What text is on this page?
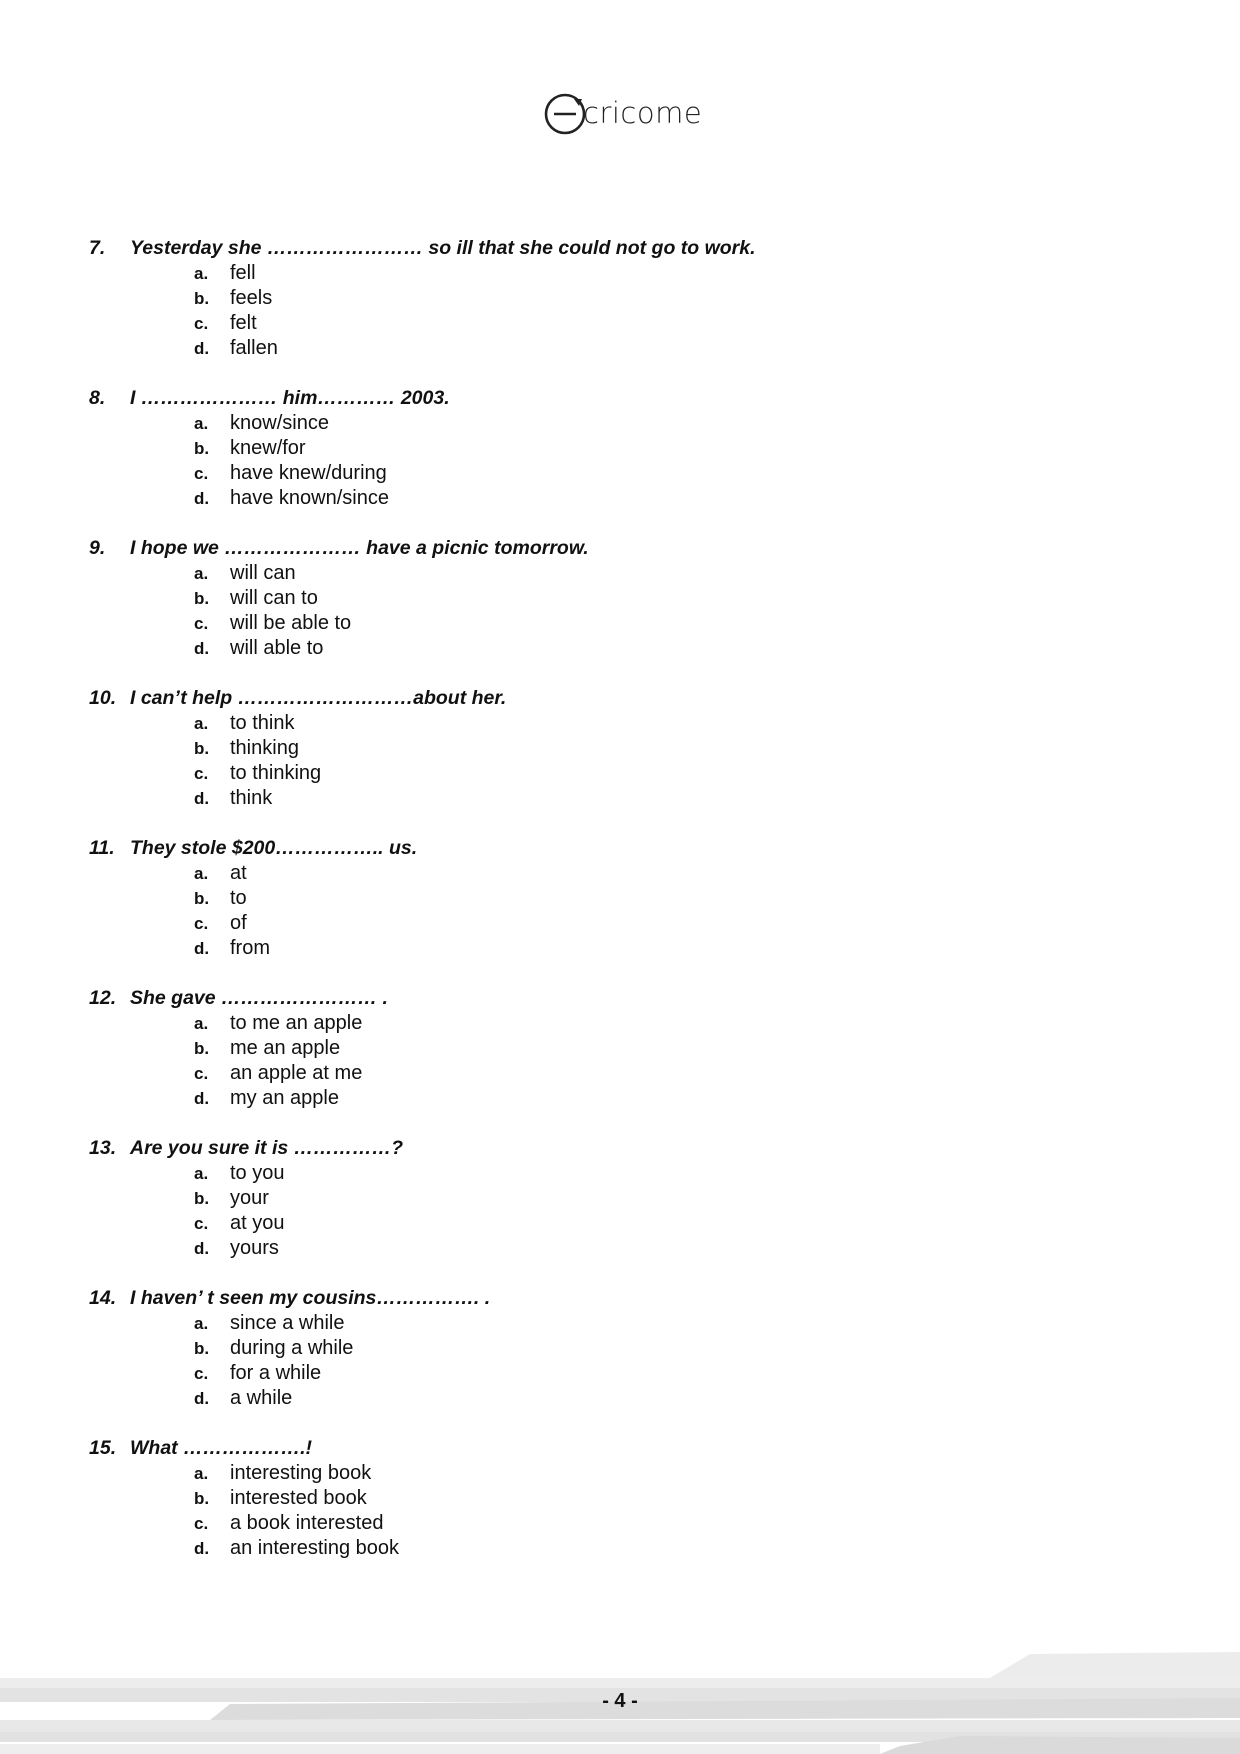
cricome
7. Yesterday she …………………… so ill that she could not go to work.
a. fell
b. feels
c. felt
d. fallen
8. I ………………… him………… 2003.
a. know/since
b. knew/for
c. have knew/during
d. have known/since
9. I hope we ………………… have a picnic tomorrow.
a. will can
b. will can to
c. will be able to
d. will able to
10. I can’t help ………………………about her.
a. to think
b. thinking
c. to thinking
d. think
11. They stole $200…………….. us.
a. at
b. to
c. of
d. from
12. She gave …………………… .
a. to me an apple
b. me an apple
c. an apple at me
d. my an apple
13. Are you sure it is ……………?
a. to you
b. your
c. at you
d. yours
14. I haven’ t seen my cousins……………. .
a. since a while
b. during a while
c. for a while
d. a while
15. What ……………….!
a. interesting book
b. interested book
c. a book interested
d. an interesting book
- 4 -
